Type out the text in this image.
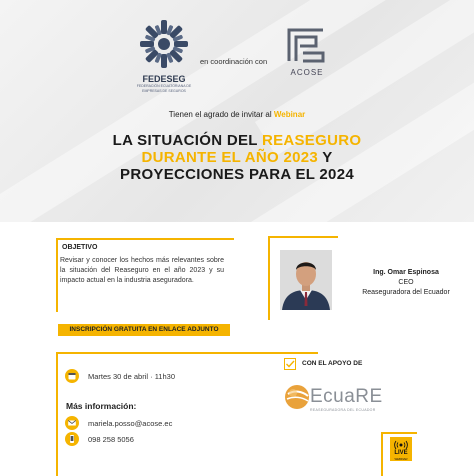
FEDESEG
FEDERACIÓN ECUATORIANA DE EMPRESAS DE SEGUROS
en coordinación con
ACOSE
Tienen el agrado de invitar al Webinar
LA SITUACIÓN DEL REASEGURO
DURANTE EL AÑO 2023 Y
PROYECCIONES PARA EL 2024
OBJETIVO
Revisar y conocer los hechos más relevantes sobre la situación del Reaseguro en el año 2023 y su impacto actual en la industria aseguradora.
Ing. Omar Espinosa
CEO
Reaseguradora del Ecuador
INSCRIPCIÓN GRATUITA EN ENLACE ADJUNTO
Martes 30 de abril · 11h30
Más información:
mariela.posso@acose.ec
098 258 5056
CON EL APOYO DE
EcuaRE
REASEGURADORA DEL ECUADOR
LIVE
WEBINAR
